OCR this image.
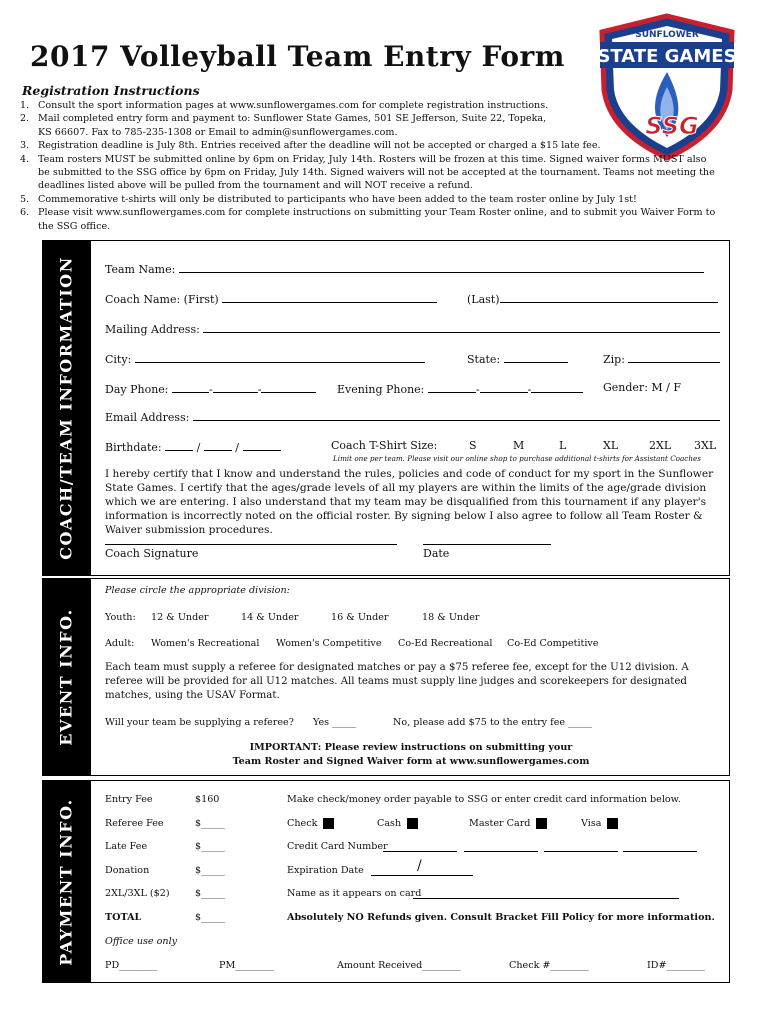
2017 Volleyball Team Entry Form
SUNFLOWER
STATE GAMES
SSG
Registration Instructions
1. Consult the sport information pages at www.sunflowergames.com for complete registration instructions.
2. Mail completed entry form and payment to: Sunflower State Games, 501 SE Jefferson, Suite 22, Topeka, KS 66607. Fax to 785-235-1308 or Email to admin@sunflowergames.com.
3. Registration deadline is July 8th. Entries received after the deadline will not be accepted or charged a $15 late fee.
4. Team rosters MUST be submitted online by 6pm on Friday, July 14th. Rosters will be frozen at this time. Signed waiver forms MUST also be submitted to the SSG office by 6pm on Friday, July 14th. Signed waivers will not be accepted at the tournament. Teams not meeting the deadlines listed above will be pulled from the tournament and will NOT receive a refund.
5. Commemorative t-shirts will only be distributed to participants who have been added to the team roster online by July 1st!
6. Please visit www.sunflowergames.com for complete instructions on submitting your Team Roster online, and to submit you Waiver Form to the SSG office.
COACH/TEAM INFORMATION	Team Name:
Coach Name: (First)	(Last)
Mailing Address:
City:	State:	Zip:
Day Phone:	-	-	Evening Phone:	-	-	Gender: M / F
Email Address:
Birthdate:	/	/	Coach T-Shirt Size:	S	M	L	XL	2XL 3XL
Limit one per team. Please visit our online shop to purchase additional t-shirts for Assistant Coaches
I hereby certify that I know and understand the rules, policies and code of conduct for my sport in the Sunflower State Games. I certify that the ages/grade levels of all my players are within the limits of the age/grade division which we are entering. I also understand that my team may be disqualified from this tournament if any player's information is incorrectly noted on the official roster. By signing below I also agree to follow all Team Roster & Waiver submission procedures.
Coach Signature	Date
EVENT INFO.
Please circle the appropriate division:
Youth: 12 & Under	14 & Under	16 & Under	18 & Under
Adult: Women's Recreational Women's Competitive Co-Ed Recreational Co-Ed Competitive
Each team must supply a referee for designated matches or pay a $75 referee fee, except for the U12 division. A referee will be provided for all U12 matches. All teams must supply line judges and scorekeepers for designated matches, using the USAV Format.
Will your team be supplying a referee? Yes _____	No, please add $75 to the entry fee _____
IMPORTANT: Please review instructions on submitting your
Team Roster and Signed Waiver form at www.sunflowergames.com
PAYMENT INFO.	Entry Fee	$160
Referee Fee	$_____
Late Fee	$_____
Donation	$_____
2XL/3XL ($2)	$_____
TOTAL	$_____
Make check/money order payable to SSG or enter credit card information below.
Check	Cash	Master Card	Visa
Credit Card Number
Expiration Date	/
Name as it appears on card
Absolutely NO Refunds given. Consult Bracket Fill Policy for more information.
Office use only
PD________	PM________	Amount Received________	Check #________	ID#________
